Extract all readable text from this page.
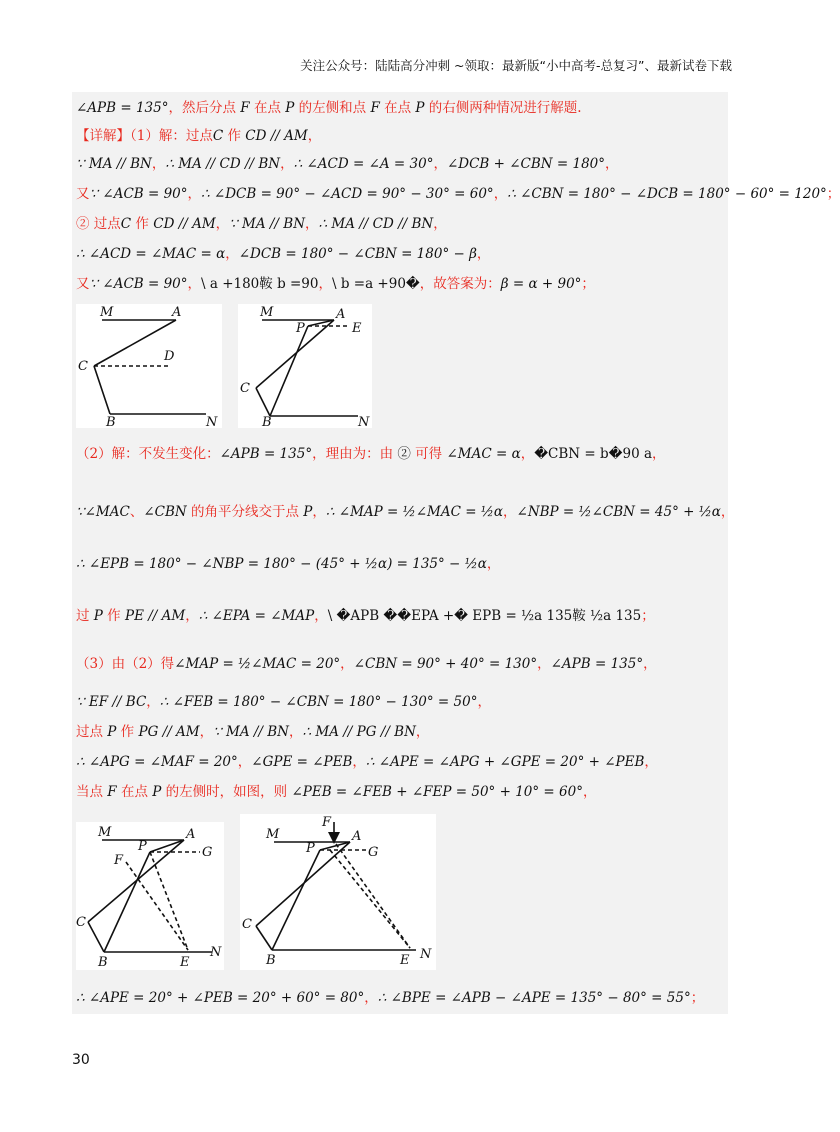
关注公众号：陆陆高分冲刺 ~领取：最新版“小中高考-总复习”、最新试卷下载
∠APB = 135°，然后分点 F 在点 P 的左侧和点 F 在点 P 的右侧两种情况进行解题.
【详解】（1）解：过点C 作 CD // AM，
∵ MA // BN，∴ MA // CD // BN，∴ ∠ACD = ∠A = 30°，∠DCB + ∠CBN = 180°，
又∵ ∠ACB = 90°，∴ ∠DCB = 90° − ∠ACD = 90° − 30° = 60°，∴ ∠CBN = 180° − ∠DCB = 180° − 60° = 120°；
② 过点C 作 CD // AM，∵ MA // BN，∴ MA // CD // BN，
∴ ∠ACD = ∠MAC = α，∠DCB = 180° − ∠CBN = 180° − β，
又∵ ∠ACB = 90°，\ a +180鞍 b =90，\ b =a +90�，故答案为：β = α + 90°；
M	A
C
D
B	N
M	A
P	E
C
B	N
（2）解：不发生变化：∠APB = 135°，理由为：由 ② 可得 ∠MAC = α，�CBN = b�90 a，
∵∠MAC、∠CBN 的角平分线交于点 P，∴ ∠MAP = ½∠MAC = ½α，∠NBP = ½∠CBN = 45° + ½α，
∴ ∠EPB = 180° − ∠NBP = 180° − (45° + ½α) = 135° − ½α，
过 P 作 PE // AM，∴ ∠EPA = ∠MAP，\ �APB ��EPA +� EPB = ½a 135鞍 ½a 135；
（3）由（2）得∠MAP = ½∠MAC = 20°，∠CBN = 90° + 40° = 130°，∠APB = 135°，
∵ EF // BC，∴ ∠FEB = 180° − ∠CBN = 180° − 130° = 50°，
过点 P 作 PG // AM，∵ MA // BN，∴ MA // PG // BN，
∴ ∠APG = ∠MAF = 20°，∠GPE = ∠PEB，∴ ∠APE = ∠APG + ∠GPE = 20° + ∠PEB，
当点 F 在点 P 的左侧时，如图，则 ∠PEB = ∠FEB + ∠FEP = 50° + 10° = 60°，
M	A
P	G
F
C
B	E
N
F
M	A
P	G
C
B	E N
∴ ∠APE = 20° + ∠PEB = 20° + 60° = 80°，∴ ∠BPE = ∠APB − ∠APE = 135° − 80° = 55°；
30
